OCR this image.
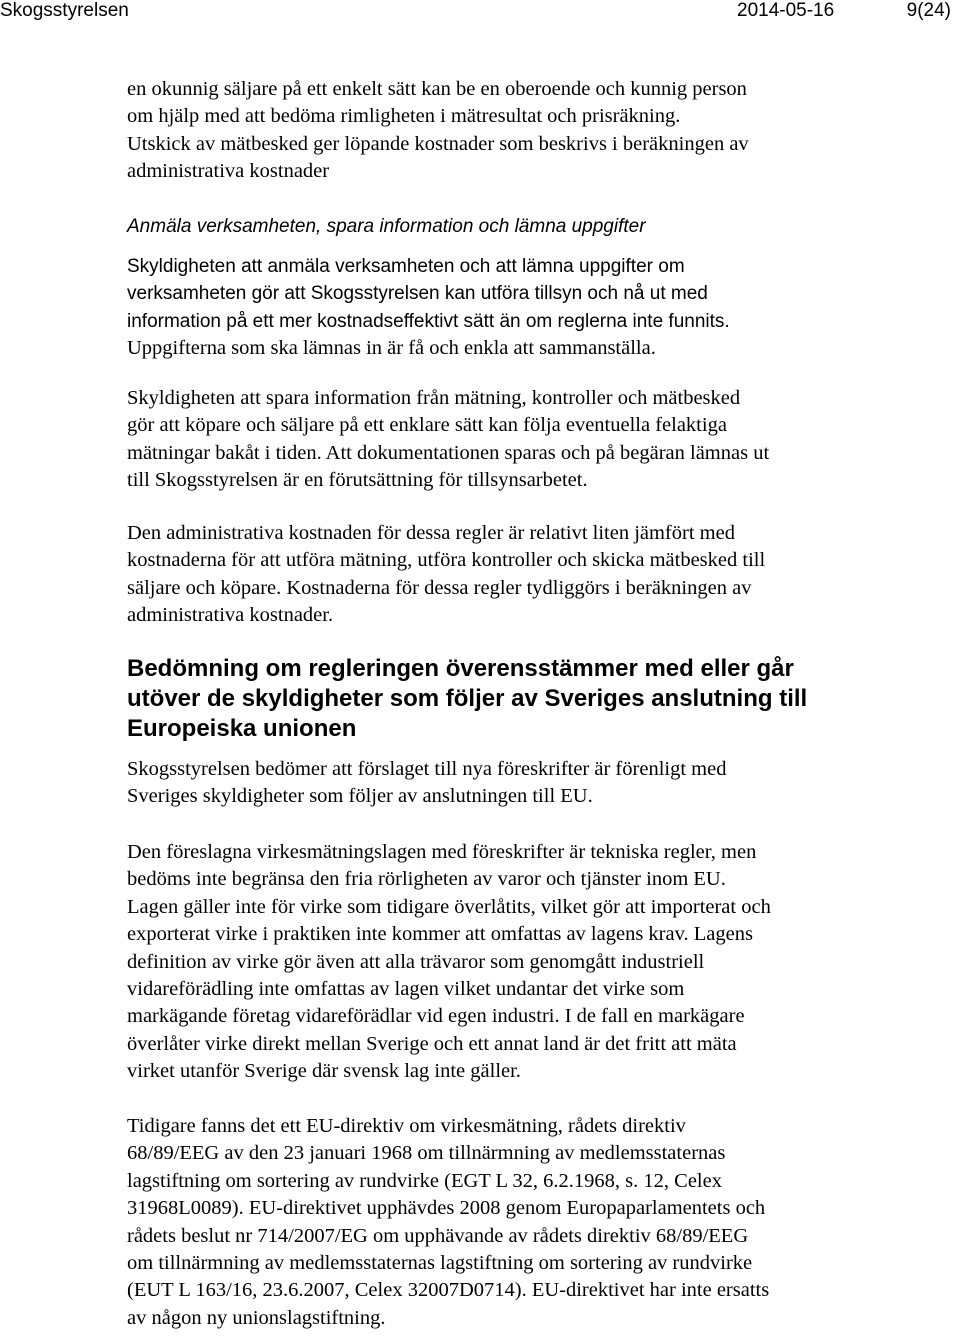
Skogsstyrelsen	2014-05-16	9(24)
en okunnig säljare på ett enkelt sätt kan be en oberoende och kunnig person
om hjälp med att bedöma rimligheten i mätresultat och prisräkning.
Utskick av mätbesked ger löpande kostnader som beskrivs i beräkningen av
administrativa kostnader
Anmäla verksamheten, spara information och lämna uppgifter
Skyldigheten att anmäla verksamheten och att lämna uppgifter om
verksamheten gör att Skogsstyrelsen kan utföra tillsyn och nå ut med
information på ett mer kostnadseffektivt sätt än om reglerna inte funnits.
Uppgifterna som ska lämnas in är få och enkla att sammanställa.
Skyldigheten att spara information från mätning, kontroller och mätbesked
gör att köpare och säljare på ett enklare sätt kan följa eventuella felaktiga
mätningar bakåt i tiden. Att dokumentationen sparas och på begäran lämnas ut
till Skogsstyrelsen är en förutsättning för tillsynsarbetet.
Den administrativa kostnaden för dessa regler är relativt liten jämfört med
kostnaderna för att utföra mätning, utföra kontroller och skicka mätbesked till
säljare och köpare. Kostnaderna för dessa regler tydliggörs i beräkningen av
administrativa kostnader.
Bedömning om regleringen överensstämmer med eller går
utöver de skyldigheter som följer av Sveriges anslutning till
Europeiska unionen
Skogsstyrelsen bedömer att förslaget till nya föreskrifter är förenligt med
Sveriges skyldigheter som följer av anslutningen till EU.
Den föreslagna virkesmätningslagen med föreskrifter är tekniska regler, men
bedöms inte begränsa den fria rörligheten av varor och tjänster inom EU.
Lagen gäller inte för virke som tidigare överlåtits, vilket gör att importerat och
exporterat virke i praktiken inte kommer att omfattas av lagens krav. Lagens
definition av virke gör även att alla trävaror som genomgått industriell
vidareförädling inte omfattas av lagen vilket undantar det virke som
markägande företag vidareförädlar vid egen industri. I de fall en markägare
överlåter virke direkt mellan Sverige och ett annat land är det fritt att mäta
virket utanför Sverige där svensk lag inte gäller.
Tidigare fanns det ett EU-direktiv om virkesmätning, rådets direktiv
68/89/EEG av den 23 januari 1968 om tillnärmning av medlemsstaternas
lagstiftning om sortering av rundvirke (EGT L 32, 6.2.1968, s. 12, Celex
31968L0089). EU-direktivet upphävdes 2008 genom Europaparlamentets och
rådets beslut nr 714/2007/EG om upphävande av rådets direktiv 68/89/EEG
om tillnärmning av medlemsstaternas lagstiftning om sortering av rundvirke
(EUT L 163/16, 23.6.2007, Celex 32007D0714). EU-direktivet har inte ersatts
av någon ny unionslagstiftning.
